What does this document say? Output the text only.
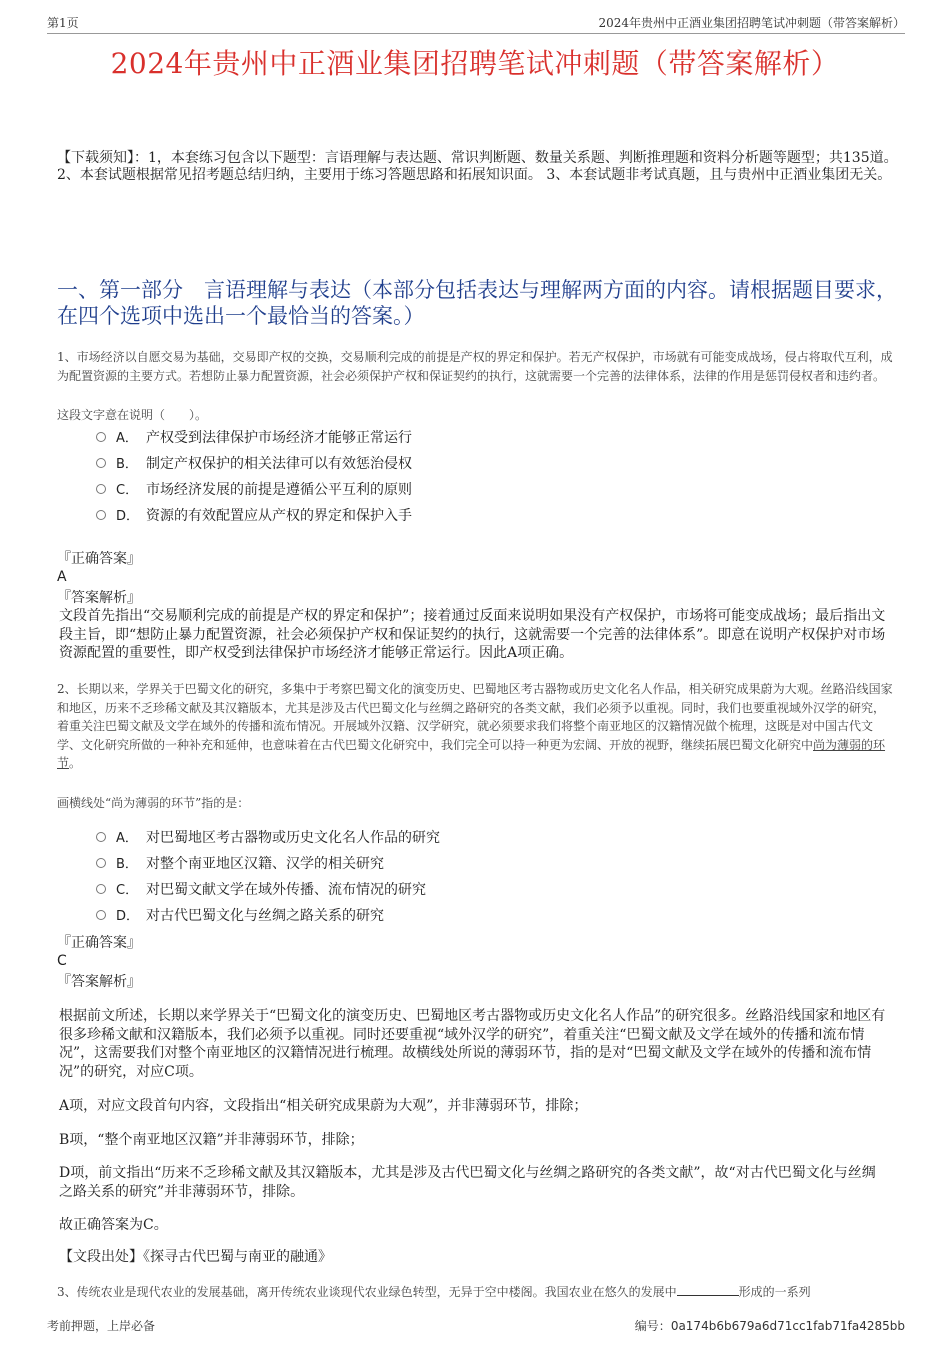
第1页	2024年贵州中正酒业集团招聘笔试冲刺题（带答案解析）
2024年贵州中正酒业集团招聘笔试冲刺题（带答案解析）
【下载须知】：1，本套练习包含以下题型：言语理解与表达题、常识判断题、数量关系题、判断推理题和资料分析题等题型；共135道。 2、本套试题根据常见招考题总结归纳，主要用于练习答题思路和拓展知识面。 3、本套试题非考试真题，且与贵州中正酒业集团无关。
一、第一部分　言语理解与表达（本部分包括表达与理解两方面的内容。请根据题目要求，在四个选项中选出一个最恰当的答案。）
1、市场经济以自愿交易为基础，交易即产权的交换，交易顺利完成的前提是产权的界定和保护。若无产权保护，市场就有可能变成战场，侵占将取代互利，成为配置资源的主要方式。若想防止暴力配置资源，社会必须保护产权和保证契约的执行，这就需要一个完善的法律体系，法律的作用是惩罚侵权者和违约者。
这段文字意在说明（　　）。
A． 产权受到法律保护市场经济才能够正常运行
B． 制定产权保护的相关法律可以有效惩治侵权
C． 市场经济发展的前提是遵循公平互利的原则
D． 资源的有效配置应从产权的界定和保护入手
『正确答案』
A
『答案解析』
文段首先指出“交易顺利完成的前提是产权的界定和保护”；接着通过反面来说明如果没有产权保护，市场将可能变成战场；最后指出文段主旨，即“想防止暴力配置资源，社会必须保护产权和保证契约的执行，这就需要一个完善的法律体系”。即意在说明产权保护对市场资源配置的重要性，即产权受到法律保护市场经济才能够正常运行。因此A项正确。
2、长期以来，学界关于巴蜀文化的研究，多集中于考察巴蜀文化的演变历史、巴蜀地区考古器物或历史文化名人作品，相关研究成果蔚为大观。丝路沿线国家和地区，历来不乏珍稀文献及其汉籍版本，尤其是涉及古代巴蜀文化与丝绸之路研究的各类文献，我们必须予以重视。同时，我们也要重视域外汉学的研究，着重关注巴蜀文献及文学在域外的传播和流布情况。开展域外汉籍、汉学研究，就必须要求我们将整个南亚地区的汉籍情况做个梳理，这既是对中国古代文学、文化研究所做的一种补充和延伸，也意味着在古代巴蜀文化研究中，我们完全可以持一种更为宏阔、开放的视野，继续拓展巴蜀文化研究中尚为薄弱的环节。
画横线处“尚为薄弱的环节”指的是：
A． 对巴蜀地区考古器物或历史文化名人作品的研究
B． 对整个南亚地区汉籍、汉学的相关研究
C． 对巴蜀文献文学在域外传播、流布情况的研究
D． 对古代巴蜀文化与丝绸之路关系的研究
『正确答案』
C
『答案解析』
根据前文所述，长期以来学界关于“巴蜀文化的演变历史、巴蜀地区考古器物或历史文化名人作品”的研究很多。丝路沿线国家和地区有很多珍稀文献和汉籍版本，我们必须予以重视。同时还要重视“域外汉学的研究”，着重关注“巴蜀文献及文学在域外的传播和流布情况”，这需要我们对整个南亚地区的汉籍情况进行梳理。故横线处所说的薄弱环节，指的是对“巴蜀文献及文学在域外的传播和流布情况”的研究，对应C项。
A项，对应文段首句内容，文段指出“相关研究成果蔚为大观”，并非薄弱环节，排除；
B项，“整个南亚地区汉籍”并非薄弱环节，排除；
D项，前文指出“历来不乏珍稀文献及其汉籍版本，尤其是涉及古代巴蜀文化与丝绸之路研究的各类文献”，故“对古代巴蜀文化与丝绸之路关系的研究”并非薄弱环节，排除。
故正确答案为C。
【文段出处】《探寻古代巴蜀与南亚的融通》
3、传统农业是现代农业的发展基础，离开传统农业谈现代农业绿色转型，无异于空中楼阁。我国农业在悠久的发展中	形成的一系列
考前押题，上岸必备	编号：0a174b6b679a6d71cc1fab71fa4285bb
